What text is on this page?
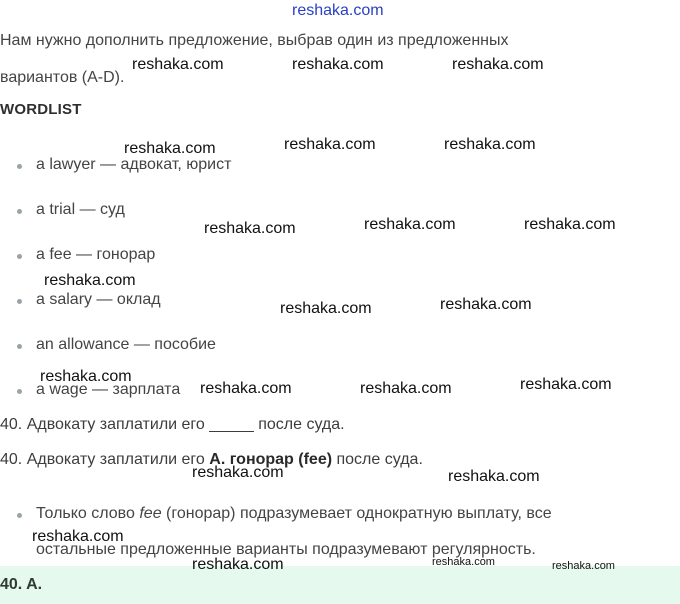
reshaka.com
Нам нужно дополнить предложение, выбрав один из предложенных
вариантов (A-D).
WORDLIST
a lawyer — адвокат, юрист
a trial — суд
a fee — гонорар
a salary — оклад
an allowance — пособие
a wage — зарплата
40. Адвокату заплатили его _____ после суда.
40. Адвокату заплатили его A. гонорар (fee) после суда.
Только слово fee (гонорар) подразумевает однократную выплату, все
остальные предложенные варианты подразумевают регулярность.
40. A.
reshaka.com	reshaka.com	reshaka.com
reshaka.com	reshaka.com	reshaka.com
reshaka.com	reshaka.com	reshaka.com
reshaka.com
reshaka.com	reshaka.com
reshaka.com
reshaka.com	reshaka.com	reshaka.com
reshaka.com	reshaka.com
reshaka.com
reshaka.com	reshaka.com	reshaka.com
